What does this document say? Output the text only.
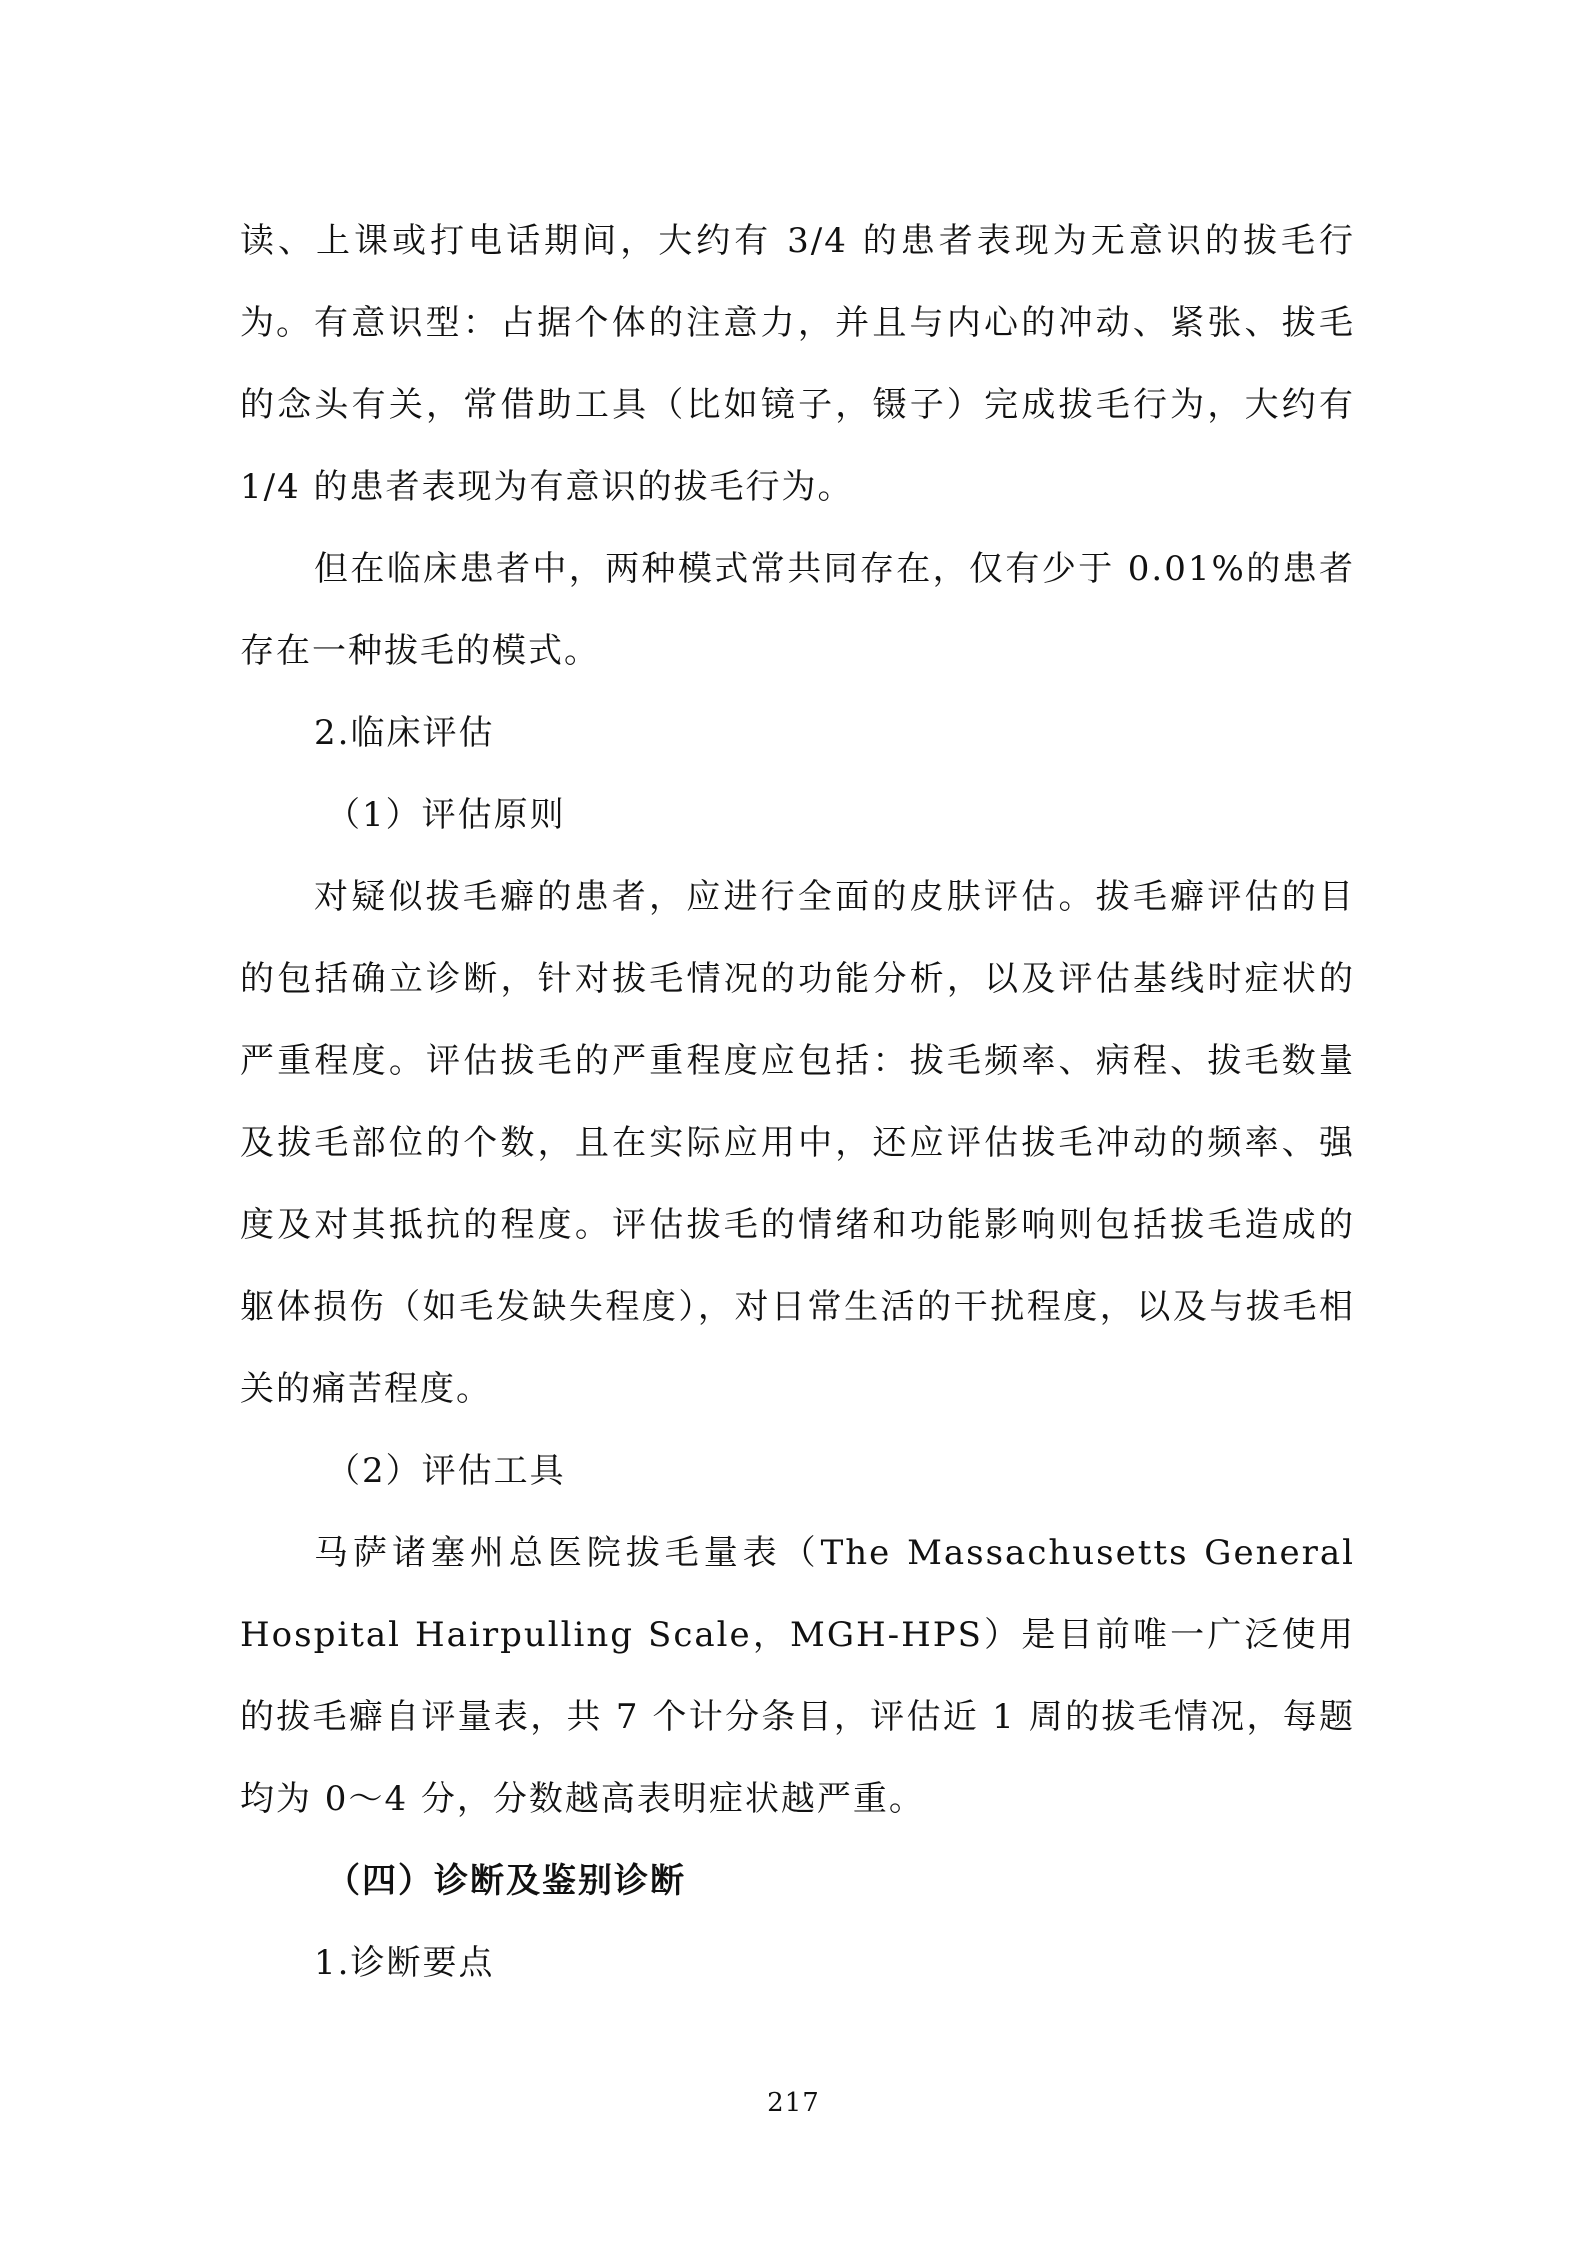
读、上课或打电话期间，大约有 3/4 的患者表现为无意识的拔毛行为。 有意识型：占据个体的注意力，并且与内心的冲动、紧张、拔毛的念头有关，常借助工具（比如镜子，镊子）完成拔毛行为，大约有 1/4 的患者表现为有意识的拔毛行为。

但在临床患者中，两种模式常共同存在，仅有少于 0.01%的患者存在一种拔毛的模式。

2.临床评估

（1）评估原则

对疑似拔毛癖的患者，应进行全面的皮肤评估。拔毛癖评估的目的包括确立诊断，针对拔毛情况的功能分析，以及评估基线时症状的严重程度。评估拔毛的严重程度应包括：拔毛频率、病程、拔毛数量及拔毛部位的个数，且在实际应用中，还应评估拔毛冲动的频率、强度及对其抵抗的程度。评估拔毛的情绪和功能影响则包括拔毛造成的躯体损伤（如毛发缺失程度），对日常生活的干扰程度，以及与拔毛相关的痛苦程度。

（2）评估工具

马萨诸塞州总医院拔毛量表（The Massachusetts General Hospital Hairpulling Scale，MGH-HPS）是目前唯一广泛使用的拔毛癖自评量表，共 7 个计分条目，评估近 1 周的拔毛情况，每题均为 0～4 分，分数越高表明症状越严重。

（四）诊断及鉴别诊断

1.诊断要点

217
